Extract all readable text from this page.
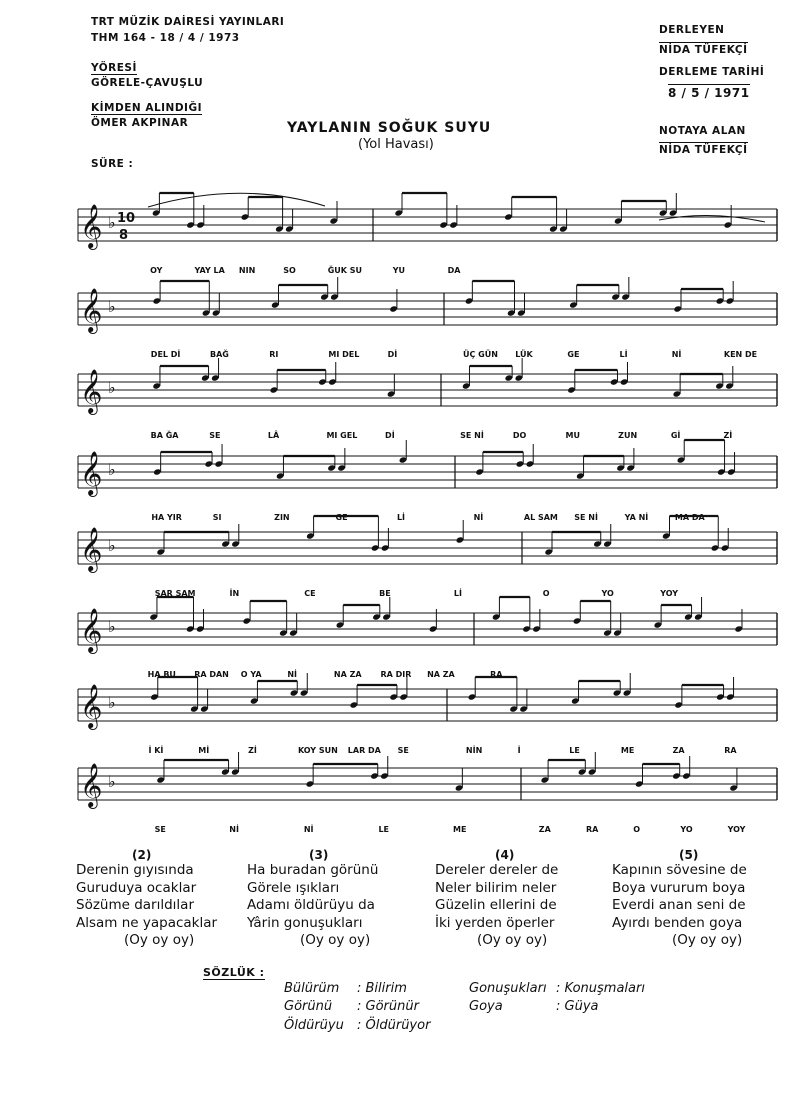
TRT MÜZİK DAİRESİ YAYINLARI
THM 164 - 18 / 4 / 1973
YÖRESİ
GÖRELE-ÇAVUŞLU
KİMDEN ALINDIĞI
ÖMER AKPINAR
SÜRE :
DERLEYEN
NİDA TÜFEKÇİ
DERLEME TARİHİ
8 / 5 / 1971
NOTAYA ALAN
NİDA TÜFEKÇİ
YAYLANIN SOĞUK SUYU
(Yol Havası)
𝄞 ♭
OY	YAY LA NIN	SO	ĞUK SU	YU	DA
𝄞 ♭
DEL Dİ	BAĞ	RI	MI DEL	Dİ	ÜÇ GÜN LÜK	GE	Lİ	Nİ	KEN DE
𝄞 ♭
BA ĞA	SE	LÂ	MI GEL	Dİ	SE Nİ	DO	MU	ZUN	Gİ	Zİ
𝄞 ♭
HA YIR	SI	ZIN	GE	Lİ	Nİ	AL SAM SE Nİ	YA Nİ	MA DA
𝄞 ♭
SAR SAM	İN	CE	BE	Lİ	O	YO	YOY
𝄞 ♭
HA BU RA DAN O YA	Nİ	NA ZA RA DIR NA ZA	RA
𝄞 ♭
İ Kİ	Mİ	Zİ	KOY SUN LAR DA SE	NİN	İ	LE	ME	ZA	RA
𝄞 ♭
SE	Nİ	Nİ	LE	ME	ZA	RA	O	YO	YOY
10
8
(2)
Derenin gıyısında
Guruduya ocaklar
Sözüme darıldılar
Alsam ne yapacaklar
(Oy oy oy)
(3)
Ha buradan görünü
Görele ışıkları
Adamı öldürüyu da
Yârin gonuşukları
(Oy oy oy)
(4)
Dereler dereler de
Neler bilirim neler
Güzelin ellerini de
İki yerden öperler
(Oy oy oy)
(5)
Kapının sövesine de
Boya vururum boya
Everdi anan seni de
Ayırdı benden goya
(Oy oy oy)
SÖZLÜK :
Bülürüm : Bilirim
Görünü : Görünür
Öldürüyu : Öldürüyor
Gonuşukları : Konuşmaları
Goya	: Güya
